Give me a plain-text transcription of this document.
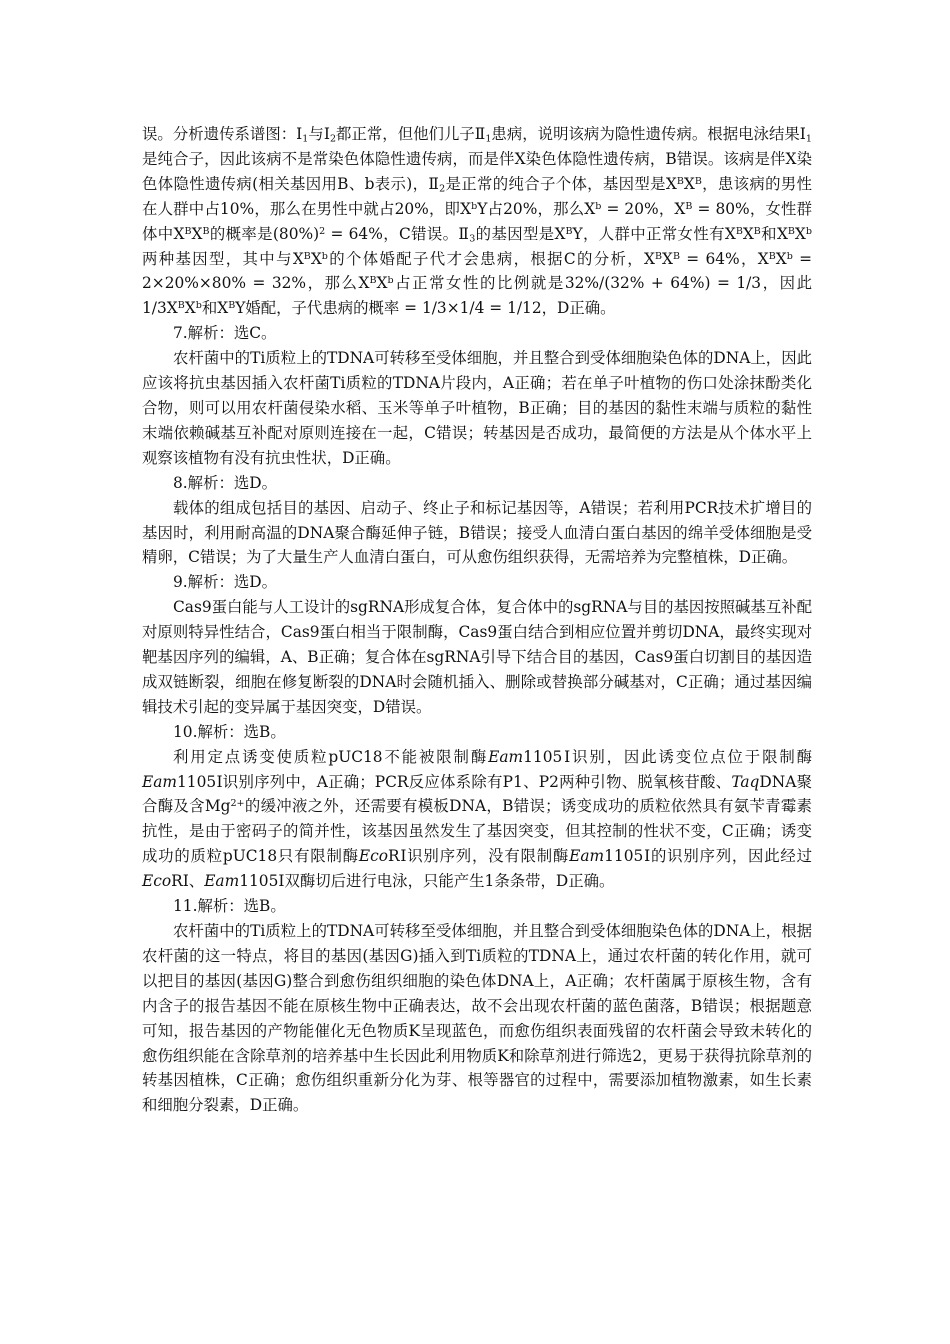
误。分析遗传系谱图：$Ⅰ_1$与$Ⅰ_2$都正常，但他们儿子$Ⅱ_1$患病，说明该病为隐性遗传病。根据电泳结果$Ⅰ_1$是纯合子，因此该病不是常染色体隐性遗传病，而是伴X染色体隐性遗传病，B错误。该病是伴X染色体隐性遗传病(相关基因用B、b表示)，$Ⅱ_2$是正常的纯合子个体，基因型是$X^BX^B$，患该病的男性在人群中占10%，那么在男性中就占20%，即$X^bY$占20%，那么$X^b = 20\%$，$X^B = 80\%$，女性群体中$X^BX^B$的概率是$(80\%)^2 = 64\%$，C错误。$Ⅱ_3$的基因型是$X^BY$，人群中正常女性有$X^BX^B$和$X^BX^b$两种基因型，其中与$X^BX^b$的个体婚配子代才会患病，根据C的分析，$X^BX^B = 64\%$，$X^BX^b = 2\times 20\%\times 80\% = 32\%$，那么$X^BX^b$占正常女性的比例就是32%/(32% + 64%) = 1/3，因此$1/3X^BX^b$和$X^BY$婚配，子代患病的概率 = 1/3×1/4 = 1/12，D正确。

7.解析：选C。

农杆菌中的Ti质粒上的TDNA可转移至受体细胞，并且整合到受体细胞染色体的DNA上，因此应该将抗虫基因插入农杆菌Ti质粒的TDNA片段内，A正确；若在单子叶植物的伤口处涂抹酚类化合物，则可以用农杆菌侵染水稻、玉米等单子叶植物，B正确；目的基因的黏性末端与质粒的黏性末端依赖碱基互补配对原则连接在一起，C错误；转基因是否成功，最简便的方法是从个体水平上观察该植物有没有抗虫性状，D正确。

8.解析：选D。

载体的组成包括目的基因、启动子、终止子和标记基因等，A错误；若利用PCR技术扩增目的基因时，利用耐高温的DNA聚合酶延伸子链，B错误；接受人血清白蛋白基因的绵羊受体细胞是受精卵，C错误；为了大量生产人血清白蛋白，可从愈伤组织获得，无需培养为完整植株，D正确。

9.解析：选D。

Cas9蛋白能与人工设计的sgRNA形成复合体，复合体中的sgRNA与目的基因按照碱基互补配对原则特异性结合，Cas9蛋白相当于限制酶，Cas9蛋白结合到相应位置并剪切DNA，最终实现对靶基因序列的编辑，A、B正确；复合体在sgRNA引导下结合目的基因，Cas9蛋白切割目的基因造成双链断裂，细胞在修复断裂的DNA时会随机插入、删除或替换部分碱基对，C正确；通过基因编辑技术引起的变异属于基因突变，D错误。

10.解析：选B。

利用定点诱变使质粒pUC18不能被限制酶Eam1105Ⅰ识别，因此诱变位点位于限制酶Eam1105Ⅰ识别序列中，A正确；PCR反应体系除有P1、P2两种引物、脱氧核苷酸、TaqDNA聚合酶及含$Mg^{2+}$的缓冲液之外，还需要有模板DNA，B错误；诱变成功的质粒依然具有氨苄青霉素抗性，是由于密码子的简并性，该基因虽然发生了基因突变，但其控制的性状不变，C正确；诱变成功的质粒pUC18只有限制酶EcoRⅠ识别序列，没有限制酶Eam1105Ⅰ的识别序列，因此经过EcoRⅠ、Eam1105Ⅰ双酶切后进行电泳，只能产生1条条带，D正确。

11.解析：选B。

农杆菌中的Ti质粒上的TDNA可转移至受体细胞，并且整合到受体细胞染色体的DNA上，根据农杆菌的这一特点，将目的基因(基因G)插入到Ti质粒的TDNA上，通过农杆菌的转化作用，就可以把目的基因(基因G)整合到愈伤组织细胞的染色体DNA上，A正确；农杆菌属于原核生物，含有内含子的报告基因不能在原核生物中正确表达，故不会出现农杆菌的蓝色菌落，B错误；根据题意可知，报告基因的产物能催化无色物质K呈现蓝色，而愈伤组织表面残留的农杆菌会导致未转化的愈伤组织能在含除草剂的培养基中生长因此利用物质K和除草剂进行筛选2，更易于获得抗除草剂的转基因植株，C正确；愈伤组织重新分化为芽、根等器官的过程中，需要添加植物激素，如生长素和细胞分裂素，D正确。
